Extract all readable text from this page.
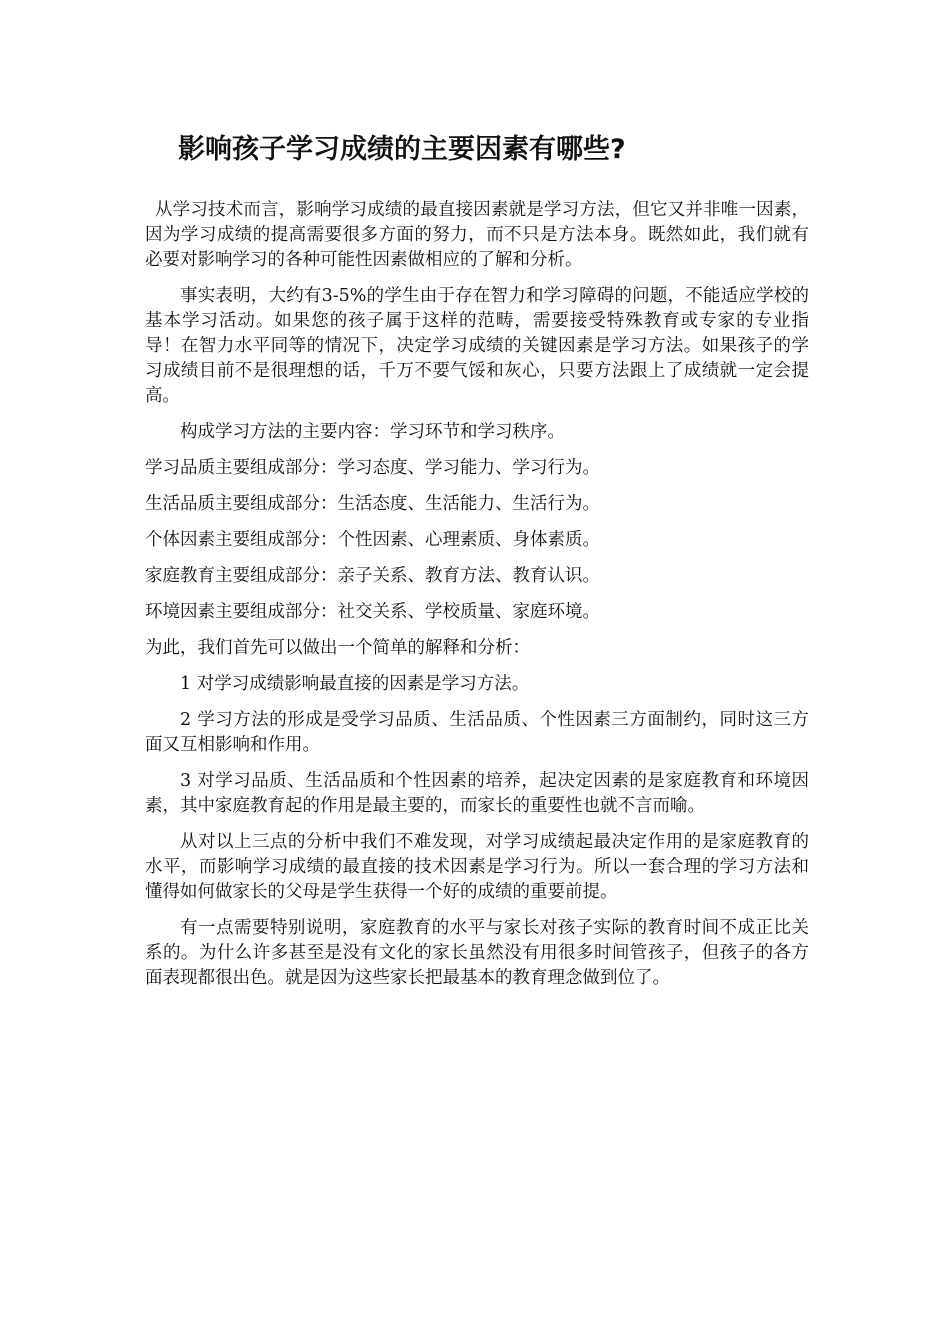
影响孩子学习成绩的主要因素有哪些?

从学习技术而言，影响学习成绩的最直接因素就是学习方法，但它又并非唯一因素，因为学习成绩的提高需要很多方面的努力，而不只是方法本身。既然如此，我们就有必要对影响学习的各种可能性因素做相应的了解和分析。

事实表明，大约有3-5%的学生由于存在智力和学习障碍的问题，不能适应学校的基本学习活动。如果您的孩子属于这样的范畴，需要接受特殊教育或专家的专业指导！在智力水平同等的情况下，决定学习成绩的关键因素是学习方法。如果孩子的学习成绩目前不是很理想的话，千万不要气馁和灰心，只要方法跟上了成绩就一定会提高。

构成学习方法的主要内容：学习环节和学习秩序。

学习品质主要组成部分：学习态度、学习能力、学习行为。

生活品质主要组成部分：生活态度、生活能力、生活行为。

个体因素主要组成部分：个性因素、心理素质、身体素质。

家庭教育主要组成部分：亲子关系、教育方法、教育认识。

环境因素主要组成部分：社交关系、学校质量、家庭环境。

为此，我们首先可以做出一个简单的解释和分析：

1 对学习成绩影响最直接的因素是学习方法。

2 学习方法的形成是受学习品质、生活品质、个性因素三方面制约，同时这三方面又互相影响和作用。

3 对学习品质、生活品质和个性因素的培养，起决定因素的是家庭教育和环境因素，其中家庭教育起的作用是最主要的，而家长的重要性也就不言而喻。

从对以上三点的分析中我们不难发现，对学习成绩起最决定作用的是家庭教育的水平，而影响学习成绩的最直接的技术因素是学习行为。所以一套合理的学习方法和懂得如何做家长的父母是学生获得一个好的成绩的重要前提。

有一点需要特别说明，家庭教育的水平与家长对孩子实际的教育时间不成正比关系的。为什么许多甚至是没有文化的家长虽然没有用很多时间管孩子，但孩子的各方面表现都很出色。就是因为这些家长把最基本的教育理念做到位了。
